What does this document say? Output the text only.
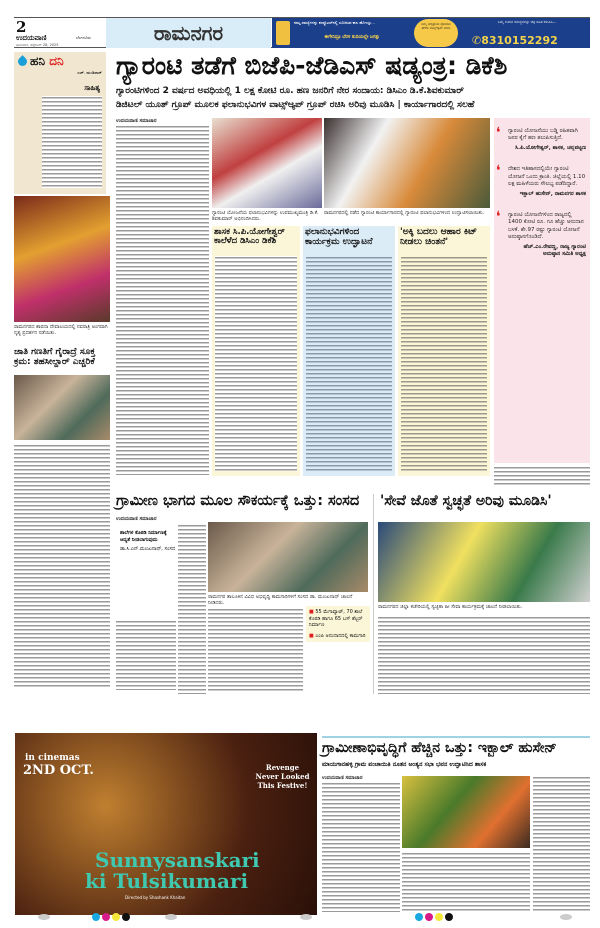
2
ಉದಯವಾಣಿ	ಬೆಂಗಳೂರು
ಭಾನುವಾರ, ಸೆಪ್ಟೆಂಬರ್ 28, 2025	ರಾಮನಗರ	ನಮ್ಮ ಸಮಸ್ಯೆಗಳನ್ನು ಕಂಪ್ಯೂಟರ್‌ನಲ್ಲಿ ಸೂಚಿಸುವ ಕಾಲ ಹೋಯ್ತು...
ಈಗೇನಿದ್ರೂ ಬೆರಳ ತುದಿಯಲ್ಲೇ ಜಗತ್ತು
ನಿಮ್ಮ ಅಭಿಪ್ರಾಯ ಫೋಟೋ ತೆಗೆದು ವಾಟ್ಸ್‌ಆ್ಯಪ್ ಮಾಡಿ
ನಿಮ್ಮ ಊರಿನ ಸಮಸ್ಯೆಗಳನ್ನು ಚಿತ್ರ ಸಹಿತ ಕಳುಹಿಸಿ...
✆8310152292
ಹನಿ ದನಿ
ಎಚ್. ಡುಂಡಿರಾಜ್
ಸಾಹಿತ್ಯ
ರಾಮನಗರದ ಶಾರದಾ ದೇವಾಲಯದಲ್ಲಿ ನವರಾತ್ರಿ ಅಂಗವಾಗಿ ನೃತ್ಯ ಪ್ರದರ್ಶನ ನಡೆಯಿತು.
ಜಾತಿ ಗಣತಿಗೆ ಗೈರಾದ್ರೆ ಸೂಕ್ತ ಕ್ರಮ: ತಹಸೀಲ್ದಾರ್ ಎಚ್ಚರಿಕೆ
ಶಾಲೆಗಳ ಕೊಠಡಿ ನಿರ್ಮಾಣಕ್ಕೆ ಆದ್ಯತೆ ನೀಡಲಾಗುವುದು
ಡಾ.ಸಿ.ಎನ್.ಮಂಜುನಾಥ್, ಸಂಸದ
ಗ್ಯಾರಂಟಿ ತಡೆಗೆ ಬಿಜೆಪಿ-ಜೆಡಿಎಸ್ ಷಡ್ಯಂತ್ರ: ಡಿಕೆಶಿ
ಗ್ಯಾರಂಟಿಗಳಿಂದ 2 ವರ್ಷದ ಅವಧಿಯಲ್ಲಿ 1 ಲಕ್ಷ ಕೋಟಿ ರೂ. ಹಣ ಜನರಿಗೆ ನೇರ ಸಂದಾಯ: ಡಿಸಿಎಂ ಡಿ.ಕೆ.ಶಿವಕುಮಾರ್
ಡಿಜಿಟಲ್ ಯೂತ್ ಗ್ರೂಪ್ ಮೂಲಕ ಫಲಾನುಭವಿಗಳ ವಾಟ್ಸ್‌ಆ್ಯಪ್ ಗ್ರೂಪ್ ರಚಿಸಿ ಅರಿವು ಮೂಡಿಸಿ | ಕಾರ್ಯಾಗಾರದಲ್ಲಿ ಸಲಹೆ
ಉದಯವಾಣಿ ಸಮಾಚಾರ
ಗ್ಯಾರಂಟಿ ಯೋಜನೆಯ ಫಲಾನುಭವಿಗಳನ್ನು ಉಪಮುಖ್ಯಮಂತ್ರಿ ಡಿ.ಕೆ. ಶಿವಕುಮಾರ್ ಅಭಿನಂದಿಸಿದರು.
ರಾಮನಗರದಲ್ಲಿ ನಡೆದ ಗ್ಯಾರಂಟಿ ಕಾರ್ಯಾಗಾರದಲ್ಲಿ ಗ್ಯಾರಂಟಿ ಫಲಾನುಭವಿಗಳಿಂದ ಉದ್ಘಾಟಿಸಲಾಯಿತು.
ಶಾಸಕ ಸಿ.ಪಿ.ಯೋಗೇಶ್ವರ್ ಕಾಲೆಳೆದ ಡಿಸಿಎಂ ಡಿಕೆಶಿ
ಫಲಾನುಭವಿಗಳಿಂದ ಕಾರ್ಯಕ್ರಮ ಉದ್ಘಾಟನೆ
'ಅಕ್ಕಿ ಬದಲು ಆಹಾರ ಕಿಟ್ ನೀಡಲು ಚಿಂತನೆ'
❛ ಗ್ಯಾರಂಟಿ ಯೋಜನೆಯು ಬಡ್ಡಿ ರಹಿತವಾಗಿ ಜನರ ಕೈಗೆ ಹಣ ತಲುಪಿಸುತ್ತಿದೆ.
ಸಿ.ಪಿ.ಯೋಗೇಶ್ವರ್, ಶಾಸಕ, ಚನ್ನಪಟ್ಟಣ
❛ ದೇಶದ ಇತಿಹಾಸದಲ್ಲಿಯೇ ಗ್ಯಾರಂಟಿ ಯೋಜನೆ ಒಂದು ಕ್ರಾಂತಿ. ಜಿಲ್ಲೆಯಲ್ಲಿ 1.10 ಲಕ್ಷ ಮಹಿಳೆಯರು ಸೌಲಭ್ಯ ಪಡೆದಿದ್ದಾರೆ.
ಇಕ್ಬಾಲ್ ಹುಸೇನ್, ರಾಮನಗರ ಶಾಸಕ
❛ ಗ್ಯಾರಂಟಿ ಯೋಜನೆಗಳಿಂದ ರಾಜ್ಯದಲ್ಲಿ 1400 ಕೋಟಿ ರೂ. ಗೂ ಹೆಚ್ಚು ಅನುದಾನ ಬಳಕೆ. ಶೇ.97 ರಷ್ಟು ಗ್ಯಾರಂಟಿ ಯೋಜನೆ ಅನುಷ್ಠಾನಗೊಂಡಿದೆ.
ಹೆಚ್.ಎಂ.ರೇವಣ್ಣ, ರಾಜ್ಯ ಗ್ಯಾರಂಟಿ ಅನುಷ್ಠಾನ ಸಮಿತಿ ಅಧ್ಯಕ್ಷ
ಗ್ರಾಮೀಣ ಭಾಗದ ಮೂಲ ಸೌಕರ್ಯಕ್ಕೆ ಒತ್ತು: ಸಂಸದ
ಉದಯವಾಣಿ ಸಮಾಚಾರ
ರಾಮನಗರ ತಾಲೂಕಿನ ವಿವಿಧ ಅಭಿವೃದ್ಧಿ ಕಾಮಗಾರಿಗಳಿಗೆ ಸಂಸದ ಡಾ. ಮಂಜುನಾಥ್ ಚಾಲನೆ ನೀಡಿದರು.
■ 55 ಮೆಗಾವ್ಯಾಟ್, 70 ಶಾಲೆ ಕೊಠಡಿ ಹಾಗೂ 65 ಬಸ್ ಶೆಲ್ಟರ್ ನಿರ್ಮಾಣ
■ ಎಂಪಿ ಅನುದಾನದಲ್ಲಿ ಕಾಮಗಾರಿ
'ಸೇವೆ ಜೊತೆ ಸ್ವಚ್ಛತೆ ಅರಿವು ಮೂಡಿಸಿ'
ರಾಮನಗರದ ಜಿಲ್ಲಾ ಕಚೇರಿಯಲ್ಲಿ ಸ್ವಚ್ಛತಾ ಹೀ ಸೇವಾ ಕಾರ್ಯಕ್ರಮಕ್ಕೆ ಚಾಲನೆ ನೀಡಲಾಯಿತು.
in cinemas
2ND OCT.	Revenge Never Looked This Festive!
Sunnysanskari
ki Tulsikumari
Directed by Shashank Khaitan
ಗ್ರಾಮೀಣಾಭಿವೃದ್ಧಿಗೆ ಹೆಚ್ಚಿನ ಒತ್ತು: ಇಕ್ಬಾಲ್ ಹುಸೇನ್
ಮಾಯಗಾನಹಳ್ಳಿ ಗ್ರಾಮ ಪಂಚಾಯಿತಿ ನೂತನ ಅಂತ್ಯನ ಸಭಾ ಭವನ ಉದ್ಘಾಟಿಸಿದ ಶಾಸಕ
ಉದಯವಾಣಿ ಸಮಾಚಾರ
